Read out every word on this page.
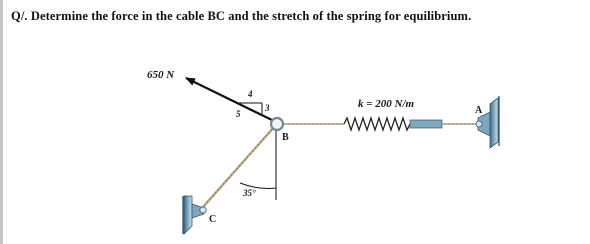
Q/. Determine the force in the cable BC and the stretch of the spring for equilibrium.
650 N
4
3
5
35°
C
k = 200 N/m
A
B
